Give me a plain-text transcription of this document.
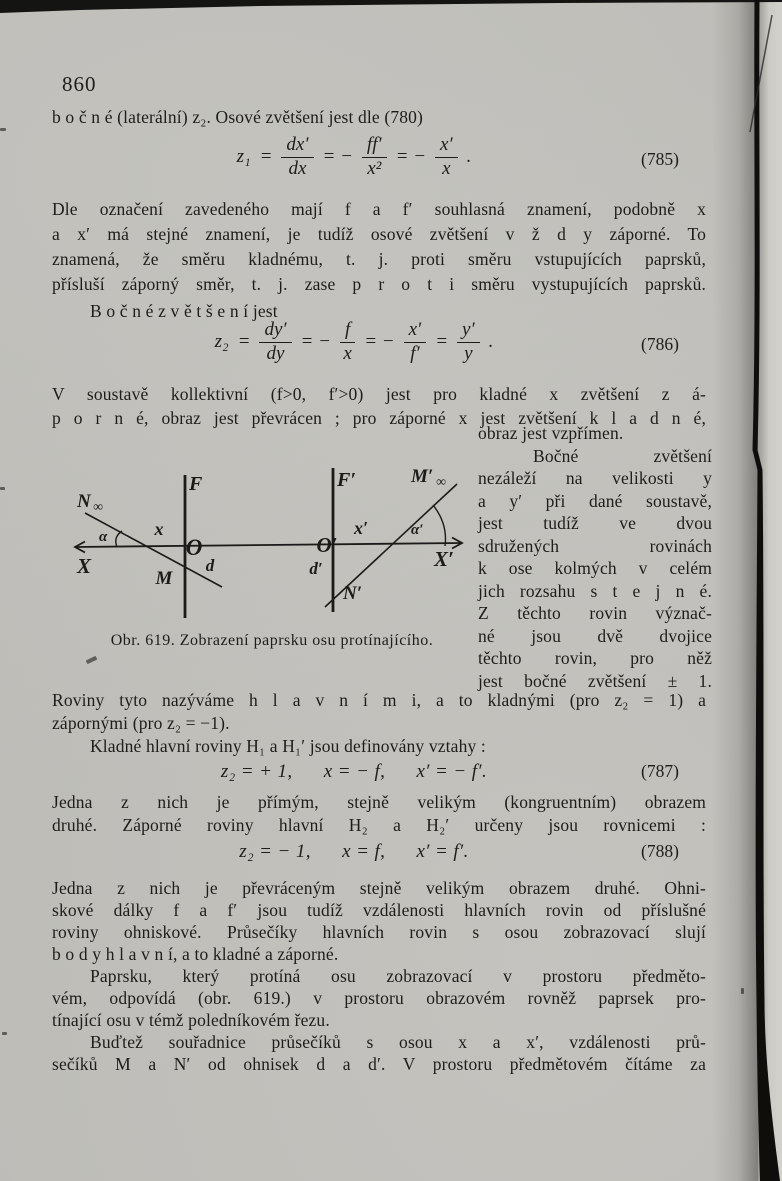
860
b o č n é (laterální) z₂. Osové zvětšení jest dle (780)
$z_1 = \frac{dx'}{dx}$ = − $\frac{ff'}{\text{x²}}$ = − $\frac{x'}{x}$ .	(785)
Dle označení zavedeného mají f a f′ souhlasná znamení, podobně x
a x′ má stejné znamení, je tudíž osové zvětšení v ž d y záporné. To
znamená, že směru kladnému, t. j. proti směru vstupujících paprsků,
přísluší záporný směr, t. j. zase p r o t i směru vystupujících paprsků.
B o č n é z v ě t š e n í jest
$z_2 = \frac{dy'}{dy}$ = − $\frac{f}{x}$ = − $\frac{x'}{f'} = \frac{y'}{y}$ .	(786)
V soustavě kollektivní (f>0, f′>0) jest pro kladné x zvětšení z á-
p o r n é, obraz jest převrácen ; pro záporné x jest zvětšení k l a d n é,
obraz jest vzpřímen.
Bočné zvětšení
nezáleží na velikosti y
a y′ při dané soustavě,
jest tudíž ve dvou
sdružených rovinách
k ose kolmých v celém
jich rozsahu s t e j n é.
Z těchto rovin význač-
né jsou dvě dvojice
těchto rovin, pro něž
jest bočné zvětšení ± 1.
F	F′
N ∞
M′ ∞
α	α′
x	x′
O	O′
d	d′
M
N′
X	X′
Obr. 619. Zobrazení paprsku osu protínajícího.
Roviny tyto nazýváme h l a v n í m i, a to kladnými (pro z₂ = 1) a
zápornými (pro z₂ = −1).
Kladné hlavní roviny H₁ a H₁′ jsou definovány vztahy :
z₂ = + 1, x = − f, x′ = − f′.	(787)
Jedna z nich je přímým, stejně velikým (kongruentním) obrazem
druhé. Záporné roviny hlavní H₂ a H₂′ určeny jsou rovnicemi :
z₂ = − 1, x = f, x′ = f′.	(788)
Jedna z nich je převráceným stejně velikým obrazem druhé. Ohni-
skové dálky f a f′ jsou tudíž vzdálenosti hlavních rovin od příslušné
roviny ohniskové. Průsečíky hlavních rovin s osou zobrazovací slují
b o d y h l a v n í, a to kladné a záporné.
Paprsku, který protíná osu zobrazovací v prostoru předměto-
vém, odpovídá (obr. 619.) v prostoru obrazovém rovněž paprsek pro-
tínající osu v témž poledníkovém řezu.
Buďtež souřadnice průsečíků s osou x a x′, vzdálenosti prů-
sečíků M a N′ od ohnisek d a d′. V prostoru předmětovém čítáme za
